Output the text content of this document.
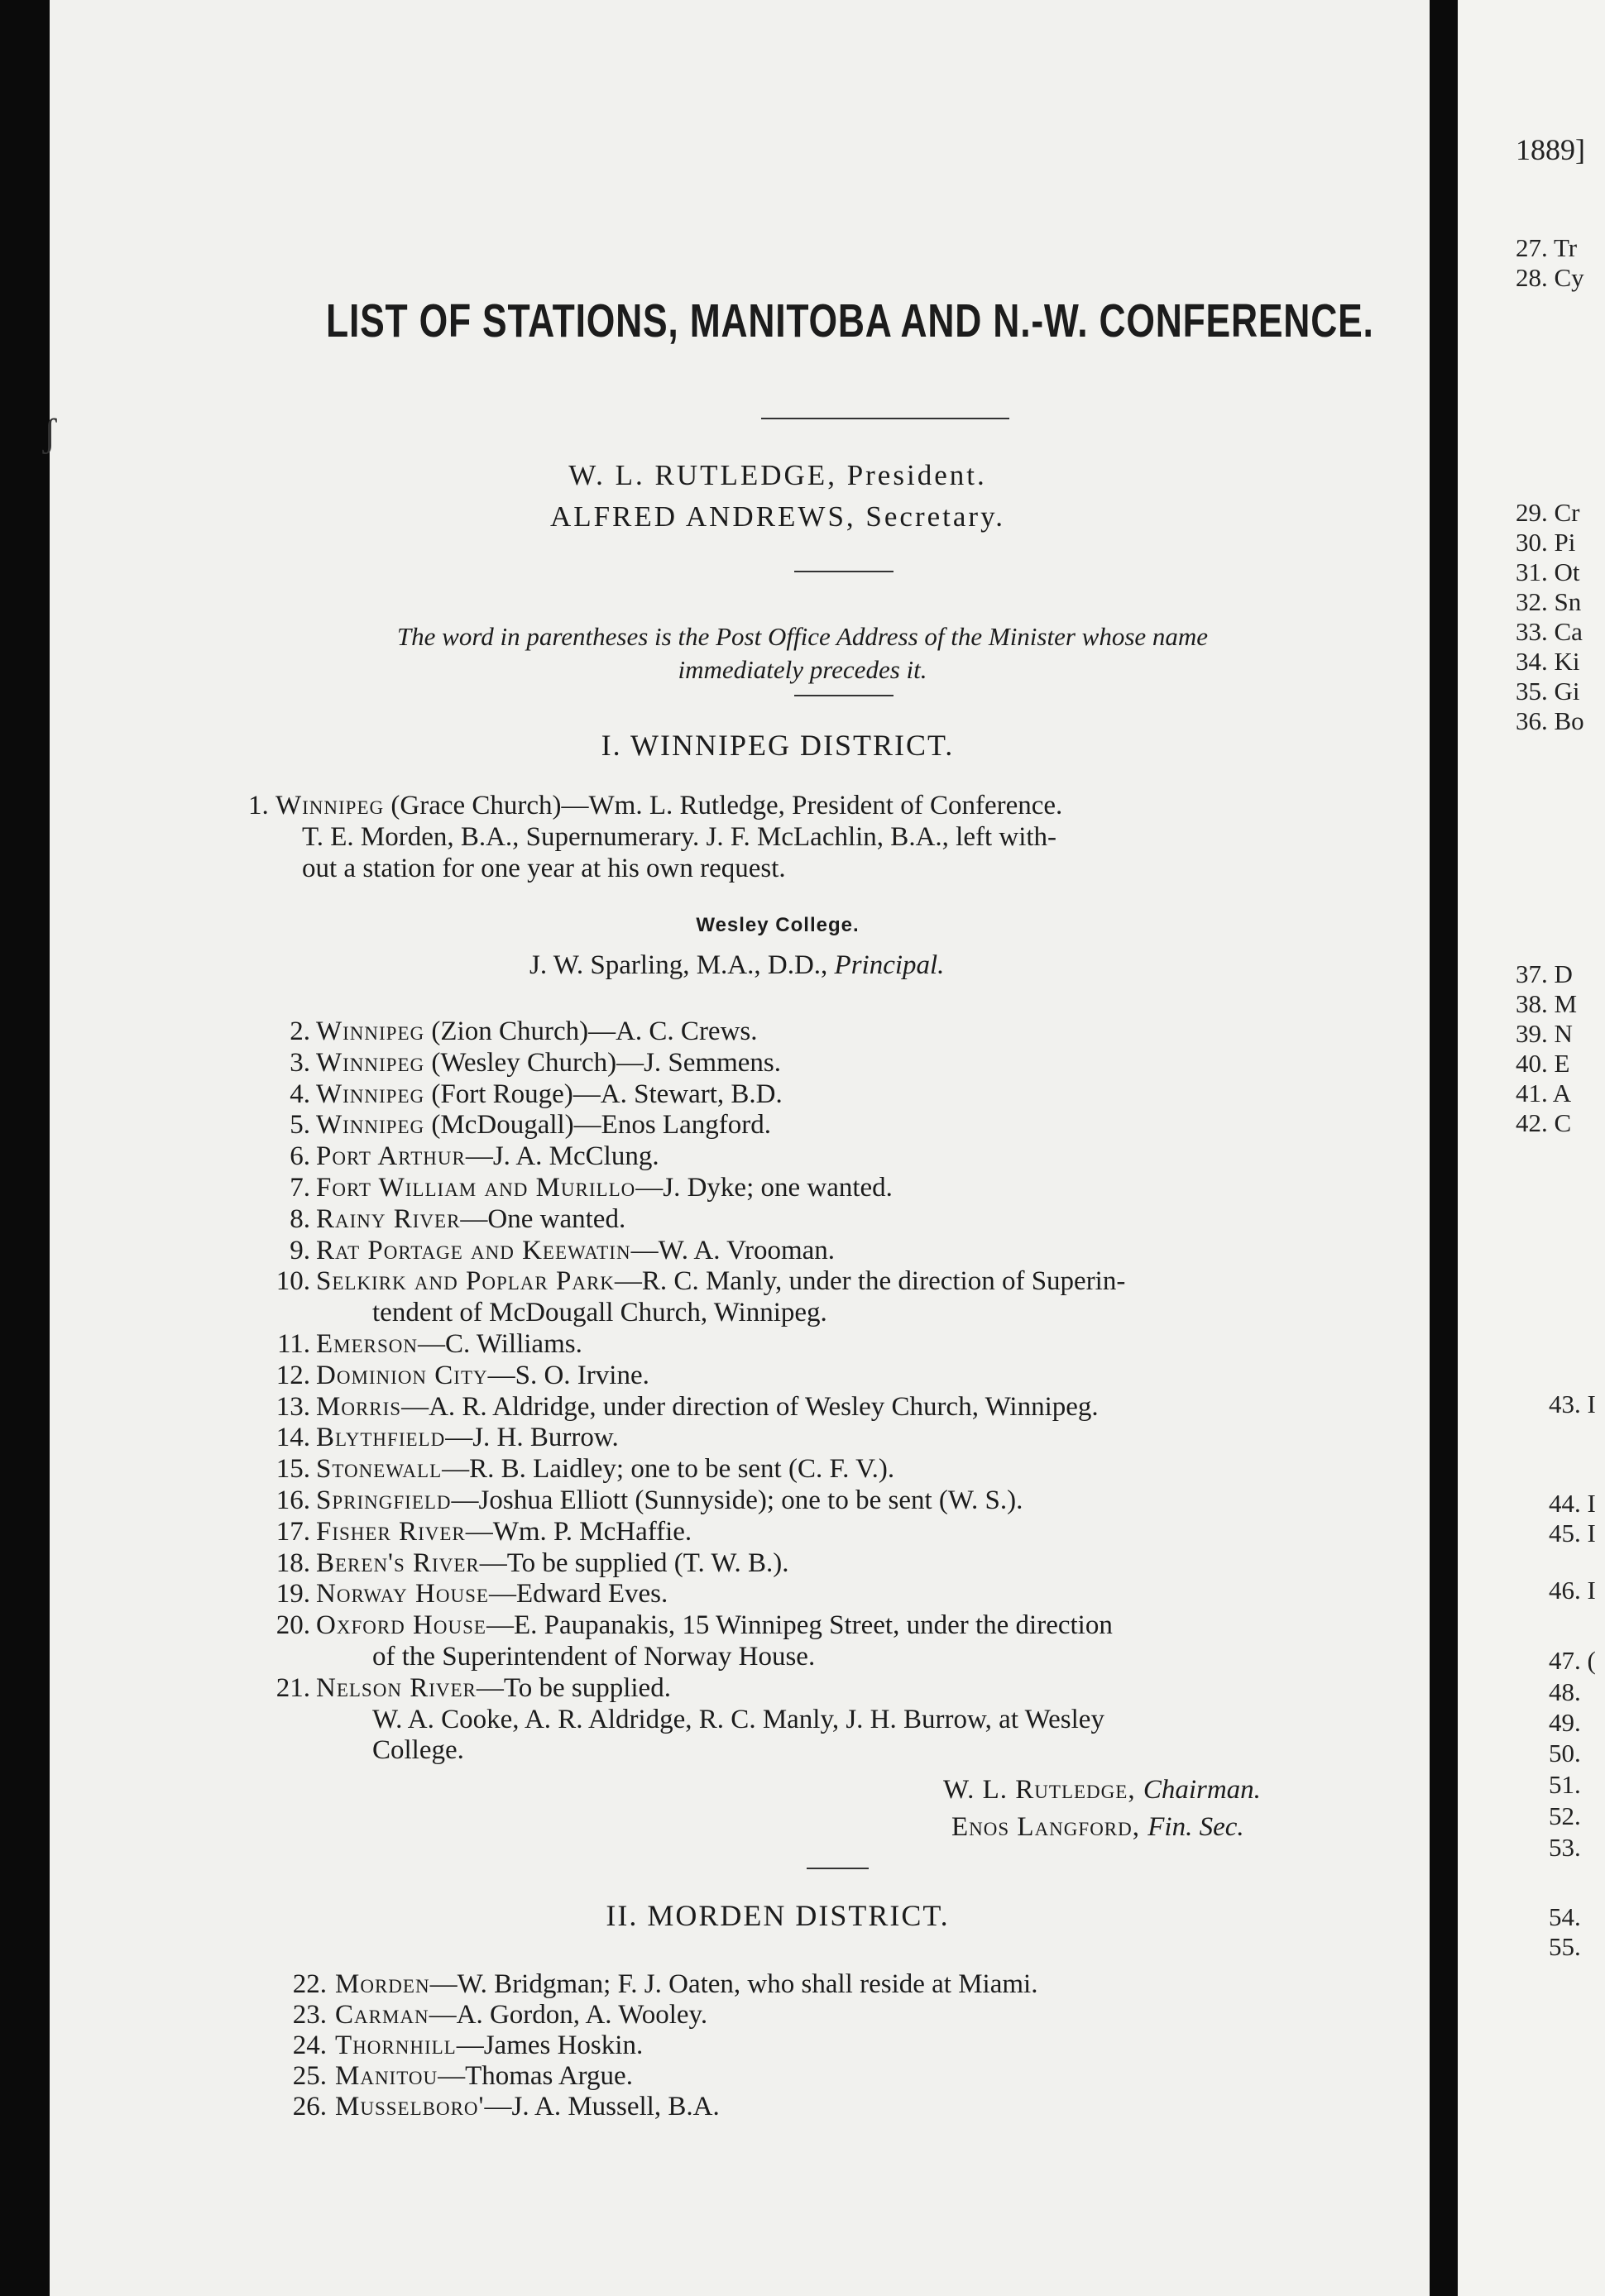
ʃ
LIST OF STATIONS, MANITOBA AND N.-W. CONFERENCE.
W. L. RUTLEDGE, President.
ALFRED ANDREWS, Secretary.
The word in parentheses is the Post Office Address of the Minister whose name
immediately precedes it.
I. WINNIPEG DISTRICT.
1. Winnipeg (Grace Church)—Wm. L. Rutledge, President of Conference.
T. E. Morden, B.A., Supernumerary. J. F. McLachlin, B.A., left with-
out a station for one year at his own request.
Wesley College.
J. W. Sparling, M.A., D.D., Principal.
2. Winnipeg (Zion Church)—A. C. Crews.
3. Winnipeg (Wesley Church)—J. Semmens.
4. Winnipeg (Fort Rouge)—A. Stewart, B.D.
5. Winnipeg (McDougall)—Enos Langford.
6. Port Arthur—J. A. McClung.
7. Fort William and Murillo—J. Dyke; one wanted.
8. Rainy River—One wanted.
9. Rat Portage and Keewatin—W. A. Vrooman.
10. Selkirk and Poplar Park—R. C. Manly, under the direction of Superin-
tendent of McDougall Church, Winnipeg.
11. Emerson—C. Williams.
12. Dominion City—S. O. Irvine.
13. Morris—A. R. Aldridge, under direction of Wesley Church, Winnipeg.
14. Blythfield—J. H. Burrow.
15. Stonewall—R. B. Laidley; one to be sent (C. F. V.).
16. Springfield—Joshua Elliott (Sunnyside); one to be sent (W. S.).
17. Fisher River—Wm. P. McHaffie.
18. Beren's River—To be supplied (T. W. B.).
19. Norway House—Edward Eves.
20. Oxford House—E. Paupanakis, 15 Winnipeg Street, under the direction
of the Superintendent of Norway House.
21. Nelson River—To be supplied.
W. A. Cooke, A. R. Aldridge, R. C. Manly, J. H. Burrow, at Wesley
College.
W. L. Rutledge, Chairman.
Enos Langford, Fin. Sec.
II. MORDEN DISTRICT.
22. Morden—W. Bridgman; F. J. Oaten, who shall reside at Miami.
23. Carman—A. Gordon, A. Wooley.
24. Thornhill—James Hoskin.
25. Manitou—Thomas Argue.
26. Musselboro'—J. A. Mussell, B.A.
1889]
27. Tr
28. Cy
29. Cr
30. Pi
31. Ot
32. Sn
33. Ca
34. Ki
35. Gi
36. Bo
37. D
38. M
39. N
40. E
41. A
42. C
43. I
44. I
45. I
46. I
47. (
48.
49.
50.
51.
52.
53.
54.
55.
